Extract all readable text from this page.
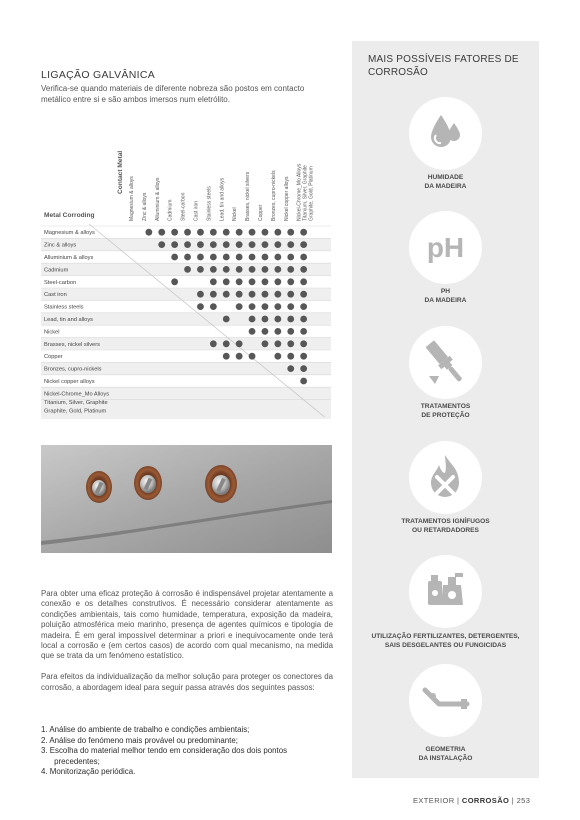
LIGAÇÃO GALVÂNICA
Verifica-se quando materiais de diferente nobreza são postos em contacto metálico entre si e são ambos imersos num eletrólito.
Metal Corroding
Contact Metal
Magnesium & alloys Zinc & alloys Alluminium & alloys Cadmium Steel-carbon Cast iron Stainless steels Lead, tin and alloys Nickel Brasses, nickel silvers Copper Bronzes, cupro-nickels Nickel copper alloys Nickel-Chrome_Mo Alloys Titanium, Silver, Graphite Graphite, Gold, Platinum
Magnesium & alloys
Zinc & alloys
Alluminium & alloys
Cadmium
Steel-carbon
Cast iron
Stainless steels
Lead, tin and alloys
Nickel
Brasses, nickel silvers
Copper
Bronzes, cupro-nickels
Nickel copper alloys
Nickel-Chrome_Mo Alloys
Titanium, Silver, Graphite
Graphite, Gold, Platinum

Para obter uma eficaz proteção à corrosão é indispensável projetar atentamente a conexão e os detalhes construtivos. É necessário considerar atentamente as condições ambientais, tais como humidade, temperatura, exposição da madeira, poluição atmosférica meio marinho, presença de agentes químicos e tipologia de madeira. É em geral impossível determinar a priori e inequivocamente onde terá local a corrosão e (em certos casos) de acordo com qual mecanismo, na medida que se trata da um fenómeno estatístico.

Para efeitos da individualização da melhor solução para proteger os conectores da corrosão, a abordagem ideal para seguir passa através dos seguintes passos:

1. Análise do ambiente de trabalho e condições ambientais;
2. Análise do fenómeno mais provável ou predominante;
3. Escolha do material melhor tendo em consideração dos dois pontos
precedentes;
4. Monitorização periódica.
MAIS POSSÍVEIS FATORES DE CORROSÃO
HUMIDADE
DA MADEIRA
pH
PH
DA MADEIRA
TRATAMENTOS
DE PROTEÇÃO
TRATAMENTOS IGNÍFUGOS
OU RETARDADORES
UTILIZAÇÃO FERTILIZANTES, DETERGENTES,
SAIS DESGELANTES OU FUNGICIDAS
GEOMETRIA
DA INSTALAÇÃO
EXTERIOR | CORROSÃO | 253
